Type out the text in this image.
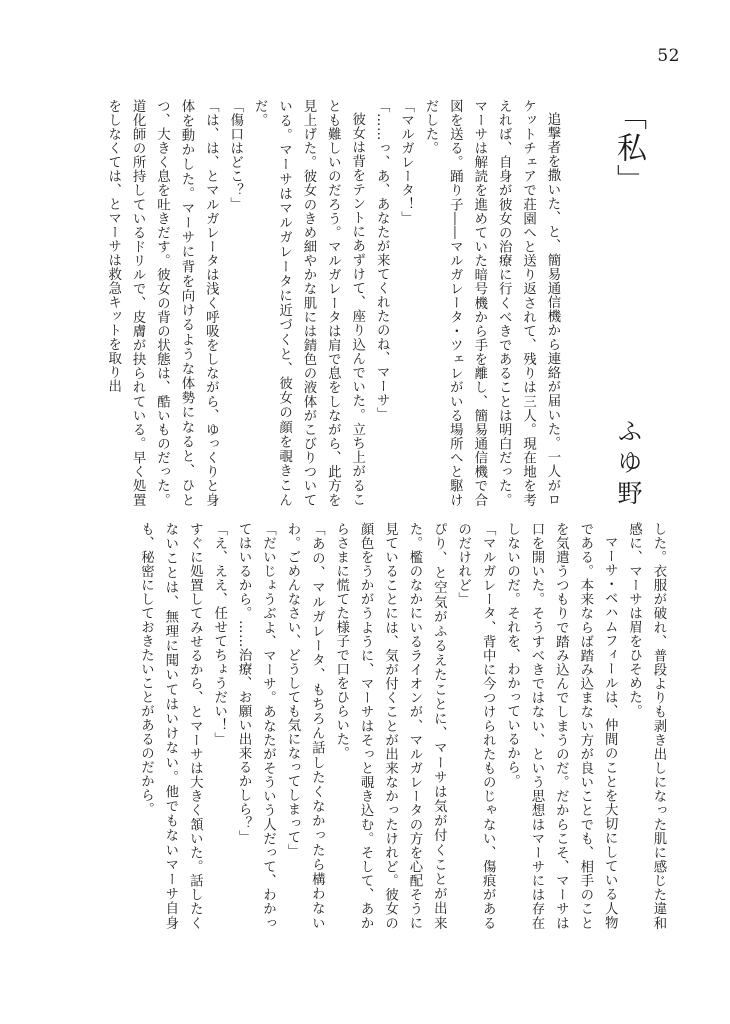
52
「私」
ふゆ野

追撃者を撒いた、と、簡易通信機から連絡が届いた。一人がロケットチェアで荘園へと送り返されて、残りは三人。現在地を考えれば、自身が彼女の治療に行くべきであることは明白だった。マーサは解読を進めていた暗号機から手を離し、簡易通信機で合図を送る。踊り子――マルガレータ・ツェレがいる場所へと駆けだした。

「マルガレータ！」

「……っ、あ、あなたが来てくれたのね、マーサ」

彼女は背をテントにあずけて、座り込んでいた。立ち上がることも難しいのだろう。マルガレータは肩で息をしながら、此方を見上げた。彼女のきめ細やかな肌には錆色の液体がこびりついている。マーサはマルガレータに近づくと、彼女の顔を覗きこんだ。

「傷口はどこ？」

「は、は、とマルガレータは浅く呼吸をしながら、ゆっくりと身体を動かした。マーサに背を向けるような体勢になると、ひとつ、大きく息を吐きだす。彼女の背の状態は、酷いものだった。道化師の所持しているドリルで、皮膚が抉られている。早く処置をしなくては、とマーサは救急キットを取り出

した。衣服が破れ、普段よりも剥き出しになった肌に感じた違和感に、マーサは眉をひそめた。

マーサ・ベハムフィールは、仲間のことを大切にしている人物である。本来ならば踏み込まない方が良いことでも、相手のことを気遣うつもりで踏み込んでしまうのだ。だからこそ、マーサは口を開いた。そうすべきではない、という思想はマーサには存在しないのだ。それを、わかっているから。

「マルガレータ、背中に今つけられたものじゃない、傷痕があるのだけれど」

ぴり、と空気がふるえたことに、マーサは気が付くことが出来た。檻のなかにいるライオンが、マルガレータの方を心配そうに見ていることには、気が付くことが出来なかったけれど。彼女の顔色をうかがうように、マーサはそっと覗き込む。そして、あからさまに慌てた様子で口をひらいた。

「あの、マルガレータ、もちろん話したくなかったら構わないわ。ごめんなさい、どうしても気になってしまって」

「だいじょうぶよ、マーサ。あなたがそういう人だって、わかってはいるから。……治療、お願い出来るかしら？」

「え、ええ、任せてちょうだい！」

すぐに処置してみせるから、とマーサは大きく頷いた。話したくないことは、無理に聞いてはいけない。他でもないマーサ自身も、秘密にしておきたいことがあるのだから。
